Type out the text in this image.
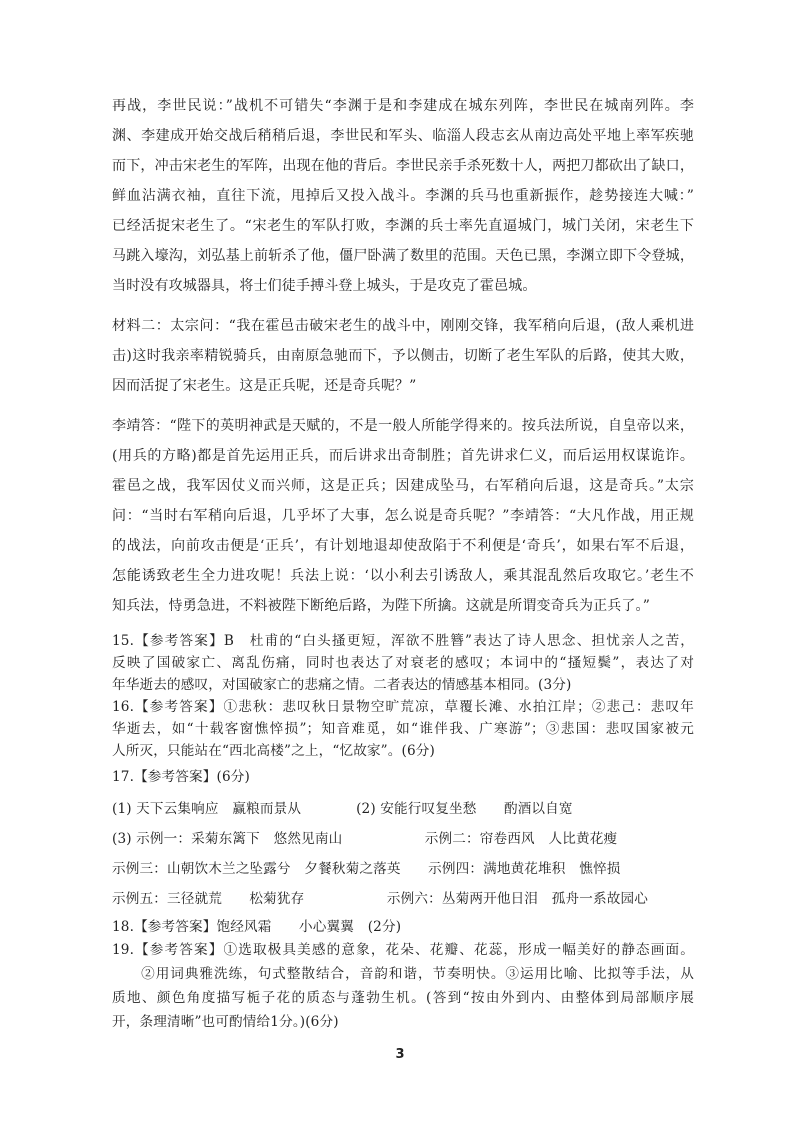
再战，李世民说：”战机不可错失“李渊于是和李建成在城东列阵，李世民在城南列阵。李
渊、李建成开始交战后稍稍后退，李世民和军头、临淄人段志玄从南边高处平地上率军疾驰
而下，冲击宋老生的军阵，出现在他的背后。李世民亲手杀死数十人，两把刀都砍出了缺口，
鲜血沾满衣袖，直往下流，甩掉后又投入战斗。李渊的兵马也重新振作，趁势接连大喊：”
已经活捉宋老生了。“宋老生的军队打败，李渊的兵士率先直逼城门，城门关闭，宋老生下
马跳入壕沟，刘弘基上前斩杀了他，僵尸卧满了数里的范围。天色已黑，李渊立即下令登城，
当时没有攻城器具，将士们徒手搏斗登上城头，于是攻克了霍邑城。
材料二：太宗问：“我在霍邑击破宋老生的战斗中，刚刚交锋，我军稍向后退，(敌人乘机进
击)这时我亲率精锐骑兵，由南原急驰而下，予以侧击，切断了老生军队的后路，使其大败，
因而活捉了宋老生。这是正兵呢，还是奇兵呢？”
李靖答：“陛下的英明神武是天赋的，不是一般人所能学得来的。按兵法所说，自皇帝以来，
(用兵的方略)都是首先运用正兵，而后讲求出奇制胜；首先讲求仁义，而后运用权谋诡诈。
霍邑之战，我军因仗义而兴师，这是正兵；因建成坠马，右军稍向后退，这是奇兵。”太宗
问：“当时右军稍向后退，几乎坏了大事，怎么说是奇兵呢？”李靖答：“大凡作战，用正规
的战法，向前攻击便是‘正兵’，有计划地退却使敌陷于不利便是‘奇兵’，如果右军不后退，
怎能诱致老生全力进攻呢！兵法上说：‘以小利去引诱敌人，乘其混乱然后攻取它。’老生不
知兵法，恃勇急进，不料被陛下断绝后路，为陛下所擒。这就是所谓变奇兵为正兵了。”
15.【参考答案】B　杜甫的“白头搔更短，浑欲不胜簪”表达了诗人思念、担忧亲人之苦，
反映了国破家亡、离乱伤痛，同时也表达了对衰老的感叹；本词中的“搔短鬓”，表达了对
年华逝去的感叹，对国破家亡的悲痛之情。二者表达的情感基本相同。(3分)
16.【参考答案】①悲秋：悲叹秋日景物空旷荒凉，草覆长滩、水拍江岸；②悲己：悲叹年
华逝去，如“十载客窗憔悴损”；知音难觅，如“谁伴我、广寒游”；③悲国：悲叹国家被元
人所灭，只能站在“西北高楼”之上，“忆故家”。(6分)
17.【参考答案】(6分)
(1) 天下云集响应　赢粮而景从　　　　(2) 安能行叹复坐愁　　酌酒以自宽
(3) 示例一：采菊东篱下　悠然见南山　　　　　　示例二：帘卷西风　人比黄花瘦
示例三：山朝饮木兰之坠露兮　夕餐秋菊之落英　　示例四：满地黄花堆积　憔悴损
示例五：三径就荒　　松菊犹存　　　　　　示例六：丛菊两开他日泪　孤舟一系故园心
18.【参考答案】饱经风霜　　小心翼翼　(2分)
19.【参考答案】①选取极具美感的意象，花朵、花瓣、花蕊，形成一幅美好的静态画面。
　　②用词典雅洗练，句式整散结合，音韵和谐，节奏明快。③运用比喻、比拟等手法，从
质地、颜色角度描写栀子花的质态与蓬勃生机。(答到“按由外到内、由整体到局部顺序展
开，条理清晰”也可酌情给1分。)(6分)
3
